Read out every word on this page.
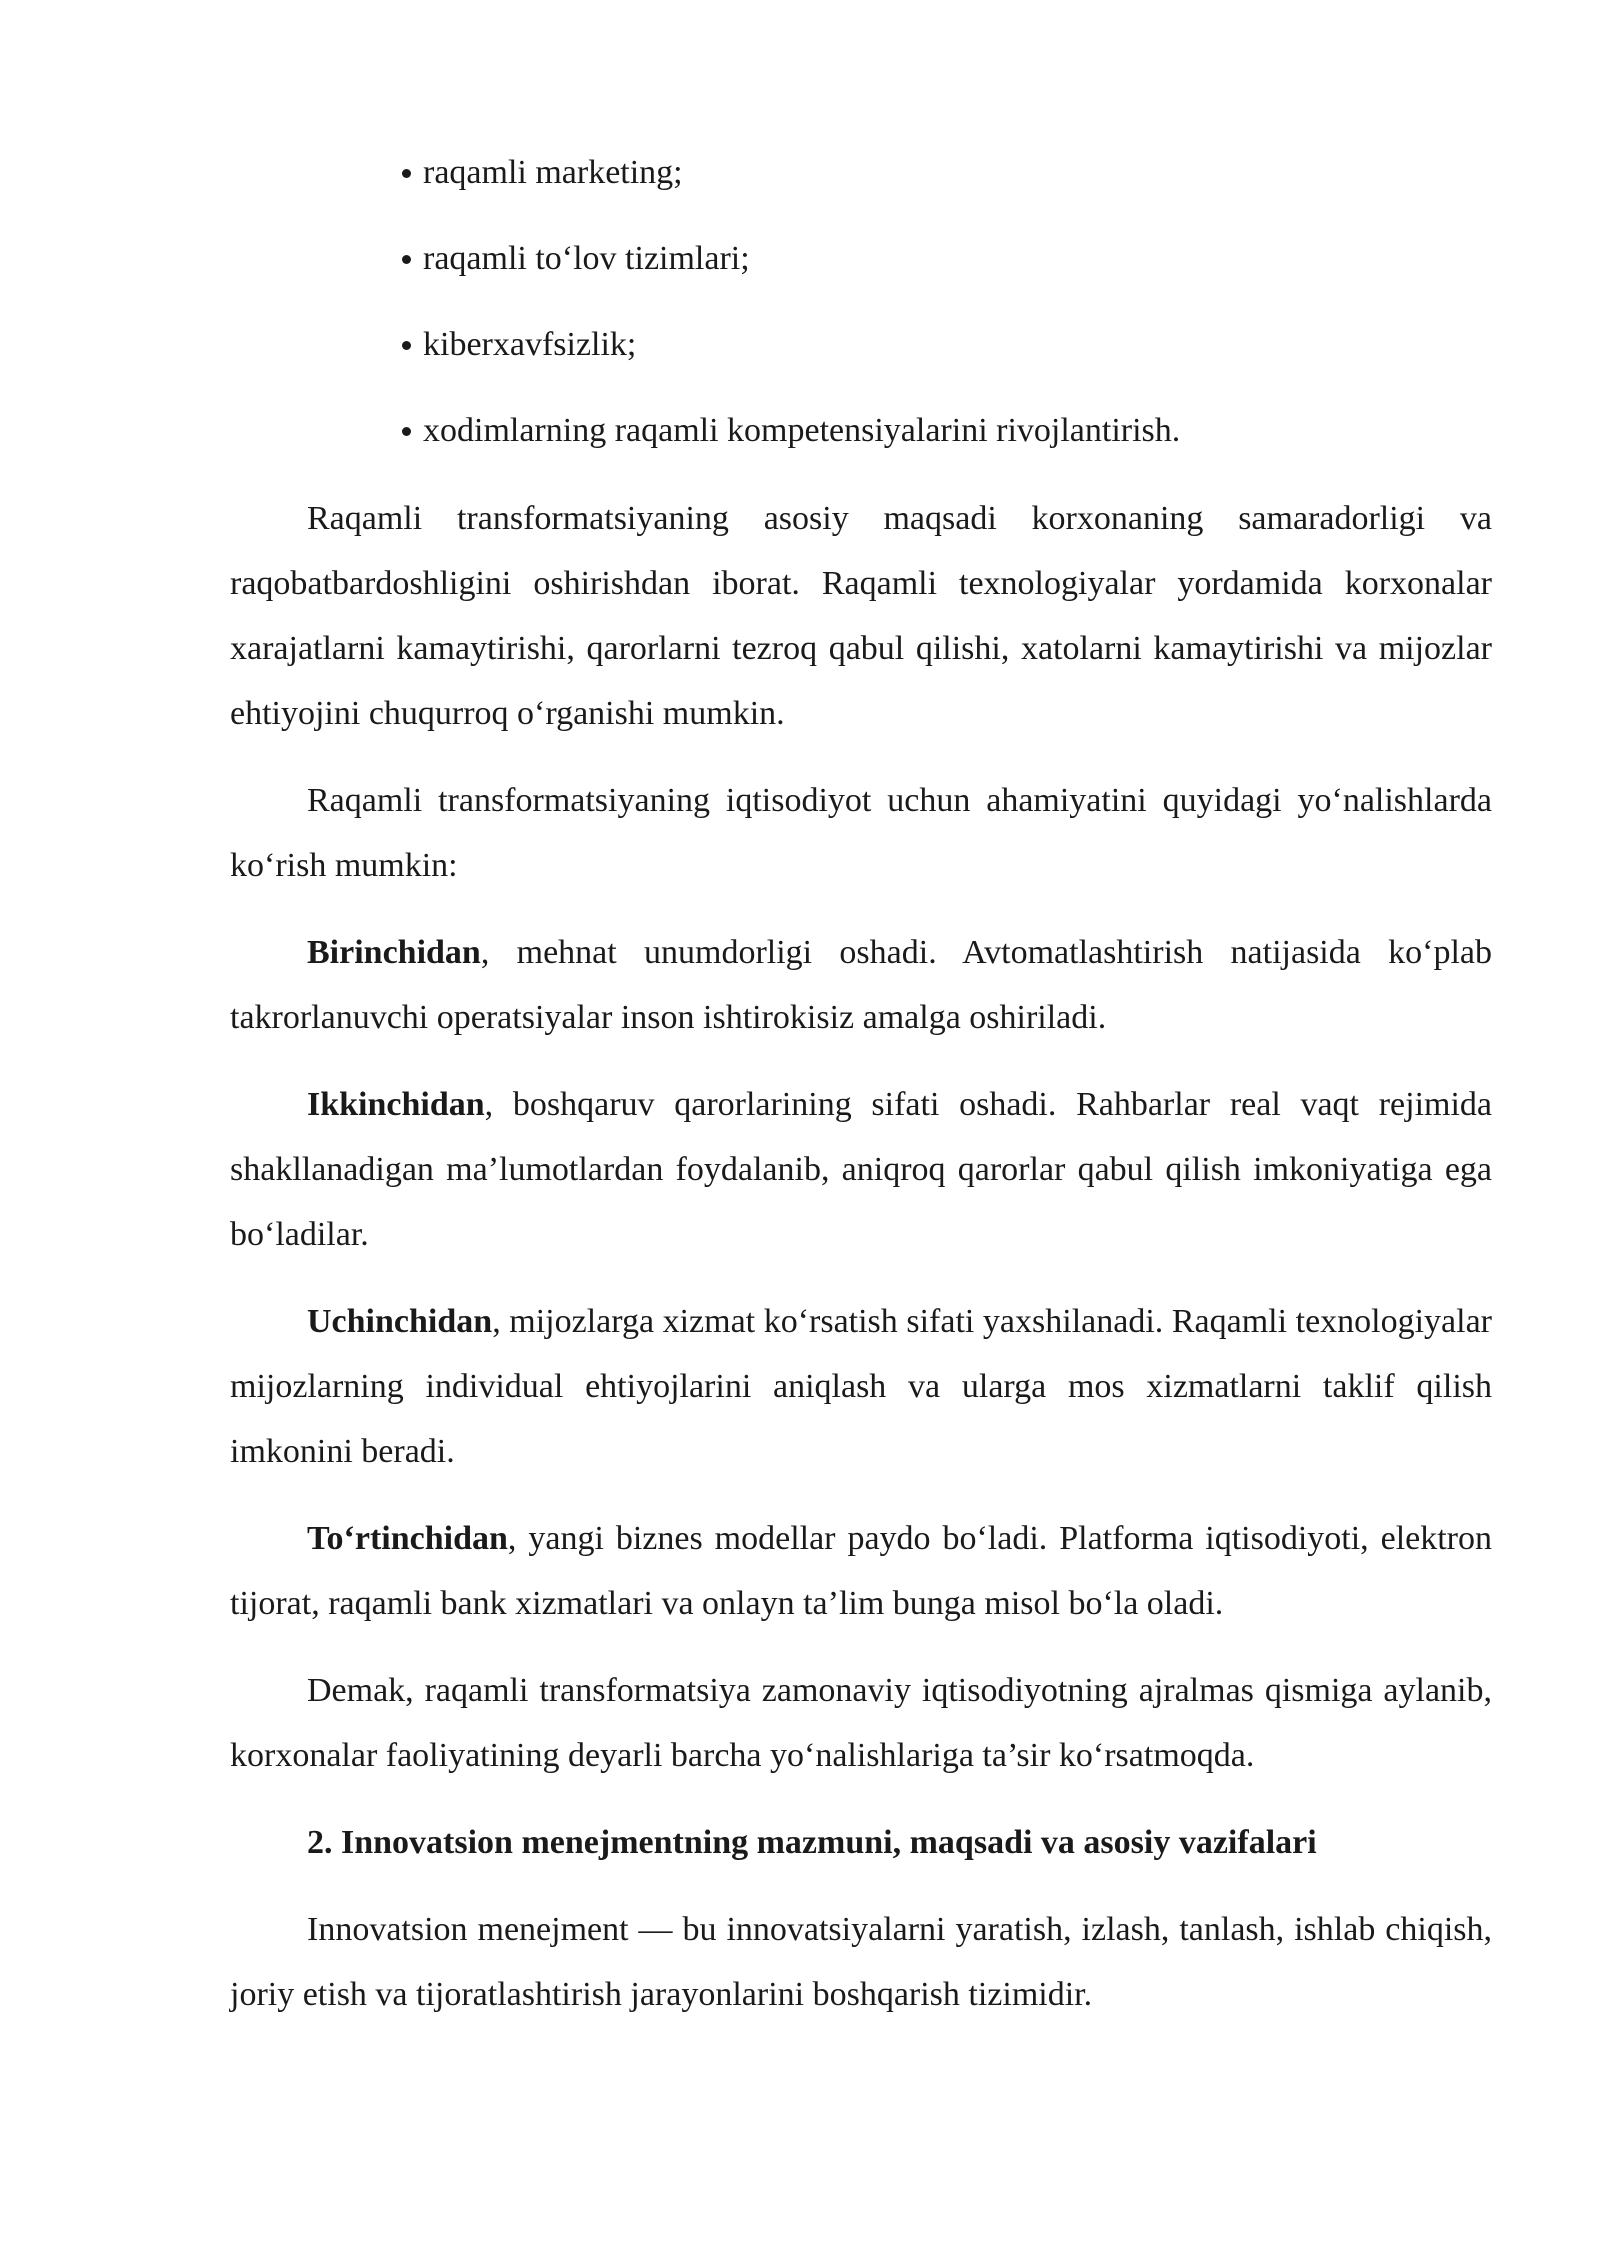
raqamli marketing;
raqamli to‘lov tizimlari;
kiberxavfsizlik;
xodimlarning raqamli kompetensiyalarini rivojlantirish.

Raqamli transformatsiyaning asosiy maqsadi korxonaning samaradorligi va raqobatbardoshligini oshirishdan iborat. Raqamli texnologiyalar yordamida korxonalar xarajatlarni kamaytirishi, qarorlarni tezroq qabul qilishi, xatolarni kamaytirishi va mijozlar ehtiyojini chuqurroq o‘rganishi mumkin.

Raqamli transformatsiyaning iqtisodiyot uchun ahamiyatini quyidagi yo‘nalishlarda ko‘rish mumkin:

Birinchidan, mehnat unumdorligi oshadi. Avtomatlashtirish natijasida ko‘plab takrorlanuvchi operatsiyalar inson ishtirokisiz amalga oshiriladi.

Ikkinchidan, boshqaruv qarorlarining sifati oshadi. Rahbarlar real vaqt rejimida shakllanadigan ma’lumotlardan foydalanib, aniqroq qarorlar qabul qilish imkoniyatiga ega bo‘ladilar.

Uchinchidan, mijozlarga xizmat ko‘rsatish sifati yaxshilanadi. Raqamli texnologiyalar mijozlarning individual ehtiyojlarini aniqlash va ularga mos xizmatlarni taklif qilish imkonini beradi.

To‘rtinchidan, yangi biznes modellar paydo bo‘ladi. Platforma iqtisodiyoti, elektron tijorat, raqamli bank xizmatlari va onlayn ta’lim bunga misol bo‘la oladi.

Demak, raqamli transformatsiya zamonaviy iqtisodiyotning ajralmas qismiga aylanib, korxonalar faoliyatining deyarli barcha yo‘nalishlariga ta’sir ko‘rsatmoqda.

2. Innovatsion menejmentning mazmuni, maqsadi va asosiy vazifalari

Innovatsion menejment — bu innovatsiyalarni yaratish, izlash, tanlash, ishlab chiqish, joriy etish va tijoratlashtirish jarayonlarini boshqarish tizimidir.
